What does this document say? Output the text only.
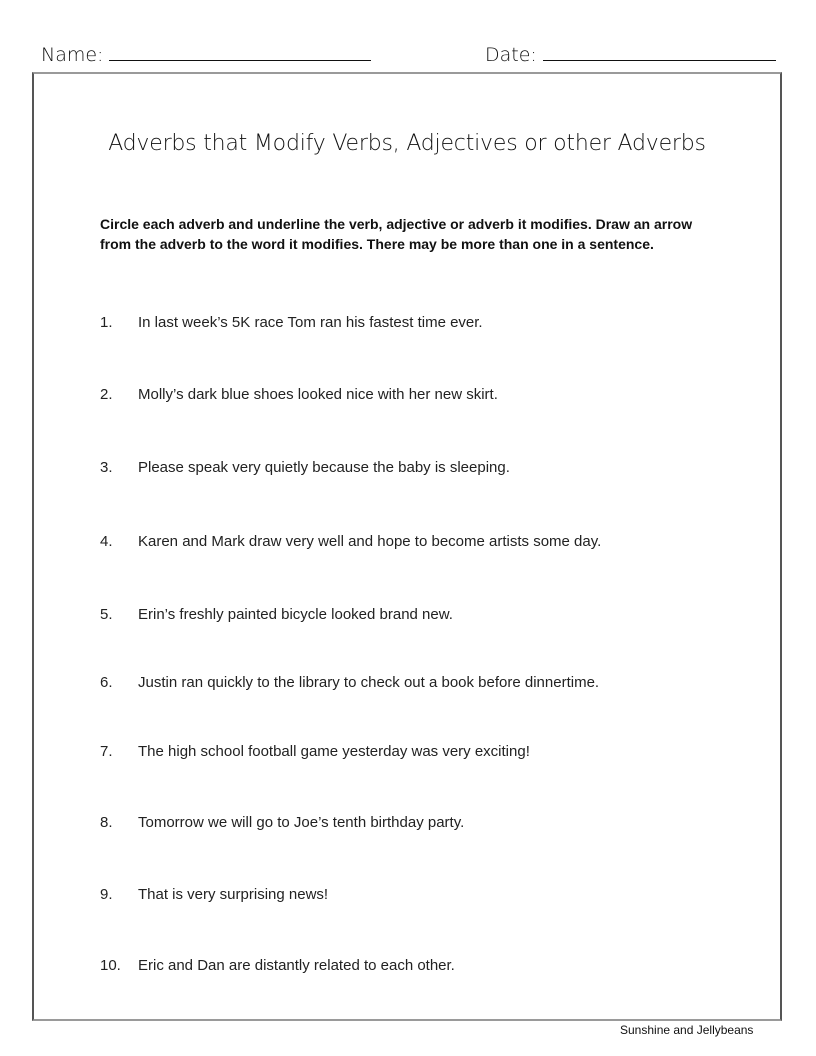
Name:	Date:
Adverbs that Modify Verbs, Adjectives or other Adverbs
Circle each adverb and underline the verb, adjective or adverb it modifies. Draw an arrow from the adverb to the word it modifies. There may be more than one in a sentence.
1. In last week’s 5K race Tom ran his fastest time ever.
2. Molly’s dark blue shoes looked nice with her new skirt.
3. Please speak very quietly because the baby is sleeping.
4. Karen and Mark draw very well and hope to become artists some day.
5. Erin’s freshly painted bicycle looked brand new.
6. Justin ran quickly to the library to check out a book before dinnertime.
7. The high school football game yesterday was very exciting!
8. Tomorrow we will go to Joe’s tenth birthday party.
9. That is very surprising news!
10. Eric and Dan are distantly related to each other.
Sunshine and Jellybeans
